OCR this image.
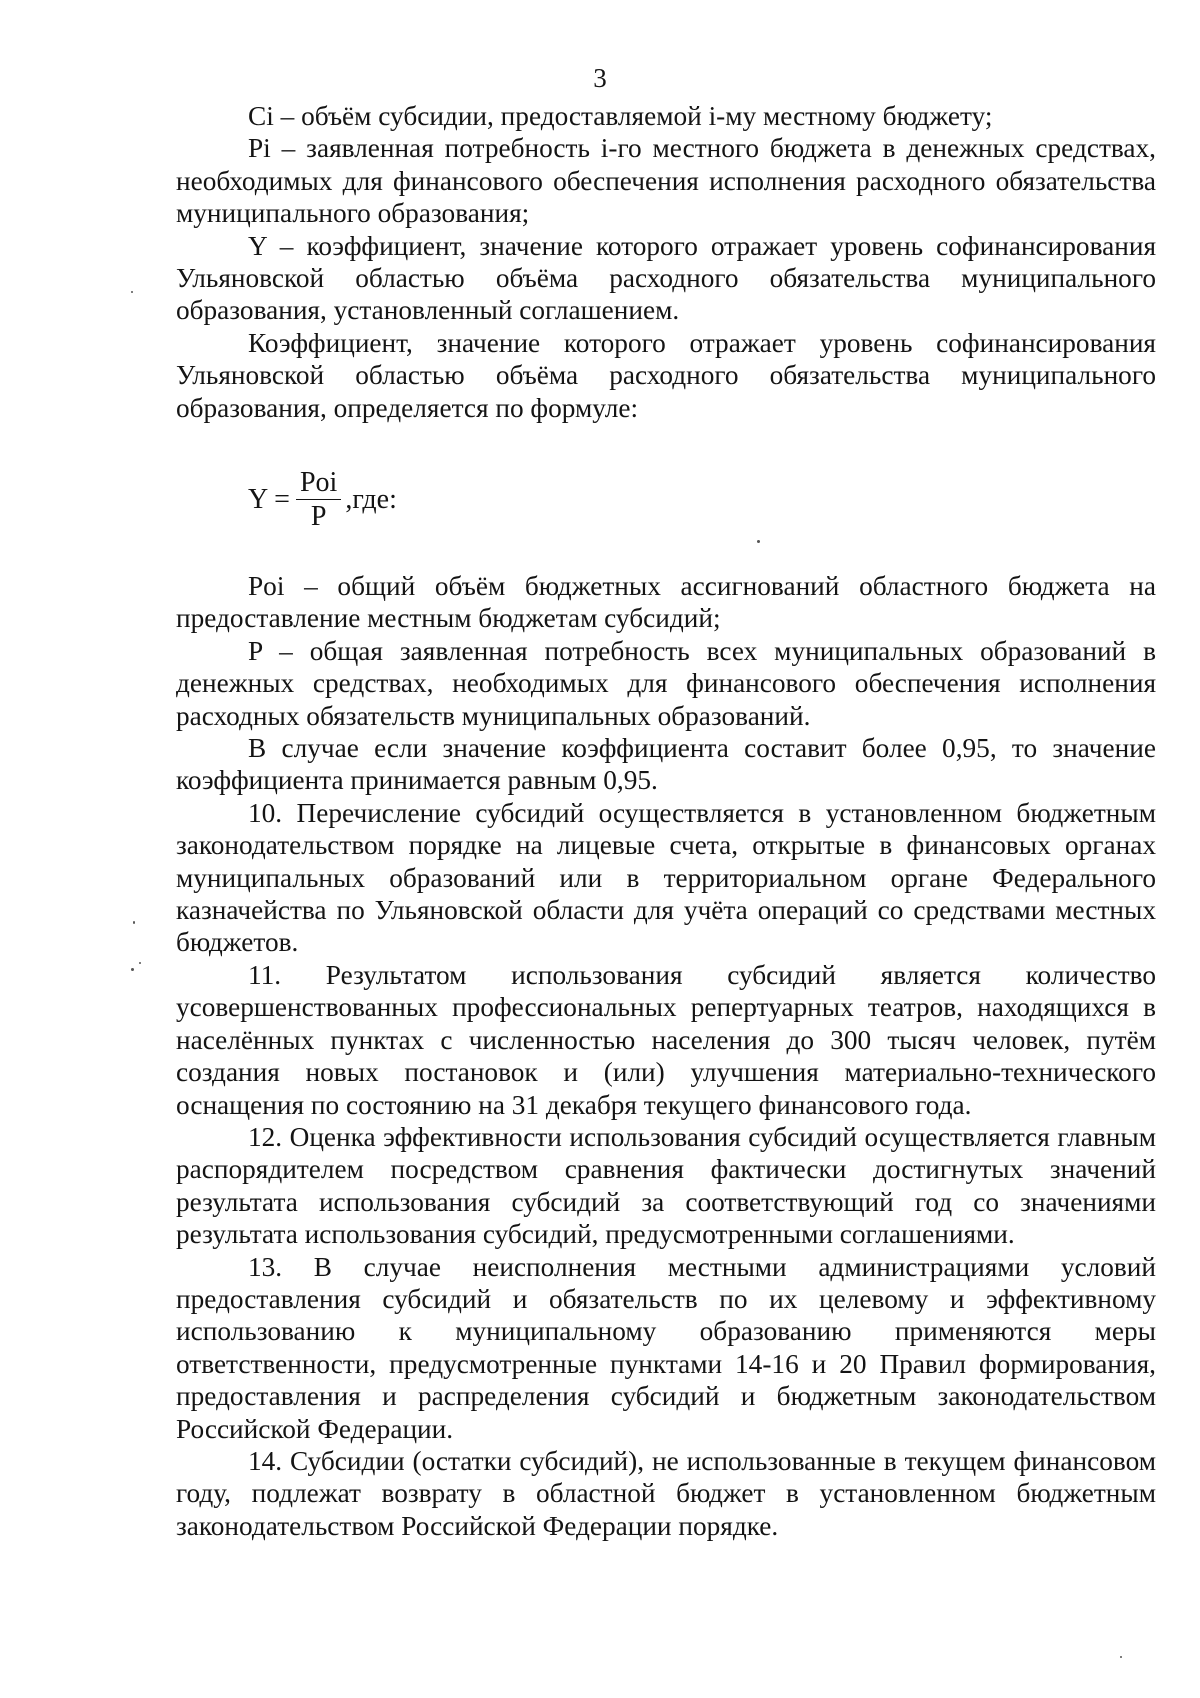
3

Ci – объём субсидии, предоставляемой i-му местному бюджету;

Pi – заявленная потребность i-го местного бюджета в денежных средствах, необходимых для финансового обеспечения исполнения расходного обязательства муниципального образования;

Y – коэффициент, значение которого отражает уровень софинансирования Ульяновской областью объёма расходного обязательства муниципального образования, установленный соглашением.

Коэффициент, значение которого отражает уровень софинансирования Ульяновской областью объёма расходного обязательства муниципального образования, определяется по формуле:

$Y = \frac{\text{Poi}}{P} ,где$:

Poi – общий объём бюджетных ассигнований областного бюджета на предоставление местным бюджетам субсидий;

P – общая заявленная потребность всех муниципальных образований в денежных средствах, необходимых для финансового обеспечения исполнения расходных обязательств муниципальных образований.

В случае если значение коэффициента составит более 0,95, то значение коэффициента принимается равным 0,95.

10. Перечисление субсидий осуществляется в установленном бюджетным законодательством порядке на лицевые счета, открытые в финансовых органах муниципальных образований или в территориальном органе Федерального казначейства по Ульяновской области для учёта операций со средствами местных бюджетов.

11. Результатом использования субсидий является количество усовершенствованных профессиональных репертуарных театров, находящихся в населённых пунктах с численностью населения до 300 тысяч человек, путём создания новых постановок и (или) улучшения материально-технического оснащения по состоянию на 31 декабря текущего финансового года.

12. Оценка эффективности использования субсидий осуществляется главным распорядителем посредством сравнения фактически достигнутых значений результата использования субсидий за соответствующий год со значениями результата использования субсидий, предусмотренными соглашениями.

13. В случае неисполнения местными администрациями условий предоставления субсидий и обязательств по их целевому и эффективному использованию к муниципальному образованию применяются меры ответственности, предусмотренные пунктами 14-16 и 20 Правил формирования, предоставления и распределения субсидий и бюджетным законодательством Российской Федерации.

14. Субсидии (остатки субсидий), не использованные в текущем финансовом году, подлежат возврату в областной бюджет в установленном бюджетным законодательством Российской Федерации порядке.
